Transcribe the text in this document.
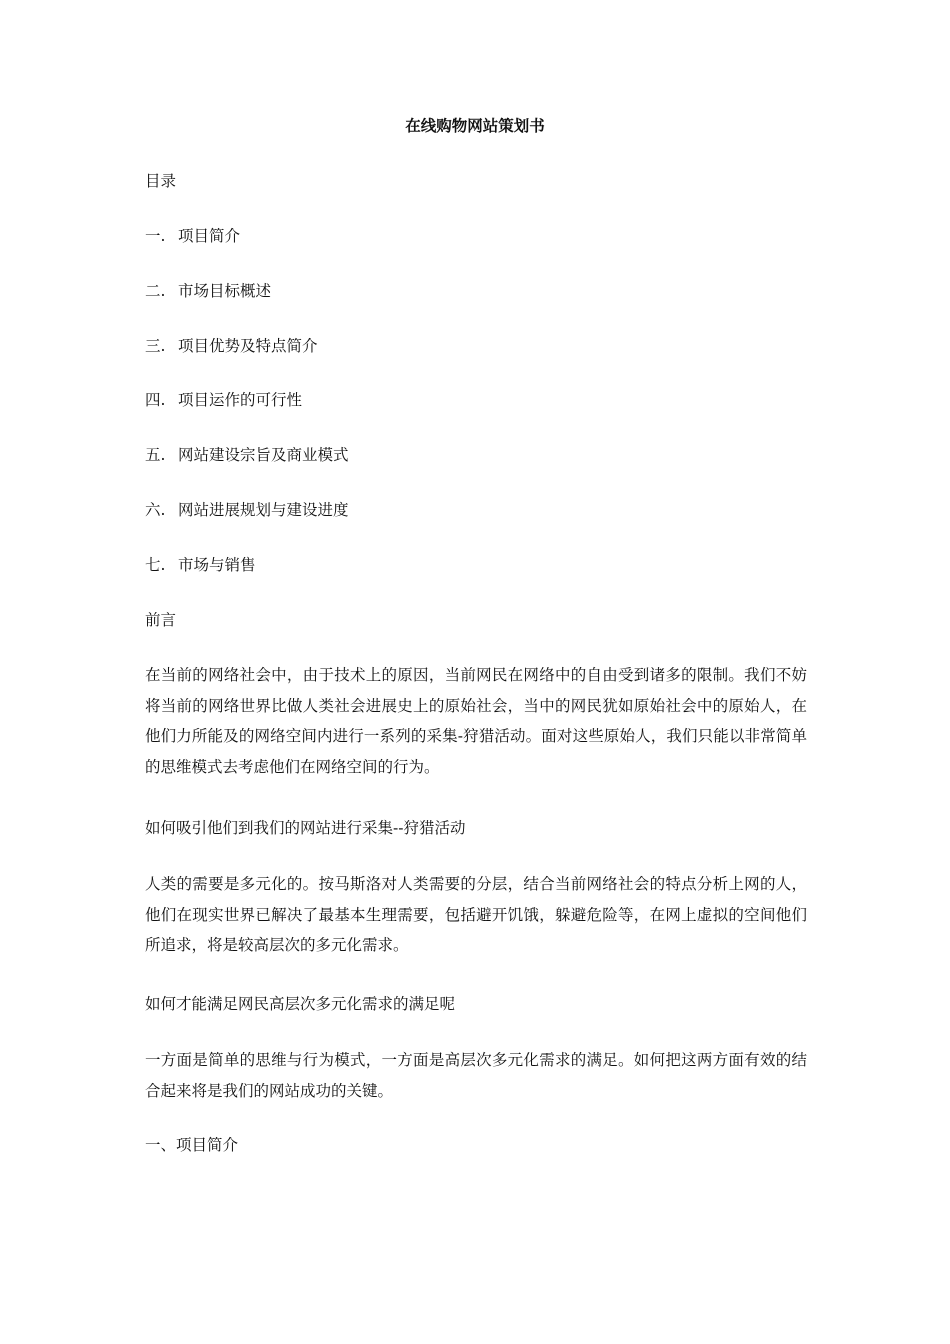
在线购物网站策划书
目录
一. 项目简介
二. 市场目标概述
三. 项目优势及特点简介
四. 项目运作的可行性
五. 网站建设宗旨及商业模式
六. 网站进展规划与建设进度
七. 市场与销售
前言
在当前的网络社会中，由于技术上的原因，当前网民在网络中的自由受到诸多的限制。我们不妨将当前的网络世界比做人类社会进展史上的原始社会，当中的网民犹如原始社会中的原始人，在他们力所能及的网络空间内进行一系列的采集-狩猎活动。面对这些原始人，我们只能以非常简单的思维模式去考虑他们在网络空间的行为。
如何吸引他们到我们的网站进行采集--狩猎活动
人类的需要是多元化的。按马斯洛对人类需要的分层，结合当前网络社会的特点分析上网的人，他们在现实世界已解决了最基本生理需要，包括避开饥饿，躲避危险等，在网上虚拟的空间他们所追求，将是较高层次的多元化需求。
如何才能满足网民高层次多元化需求的满足呢
一方面是简单的思维与行为模式，一方面是高层次多元化需求的满足。如何把这两方面有效的结合起来将是我们的网站成功的关键。
一、项目简介
